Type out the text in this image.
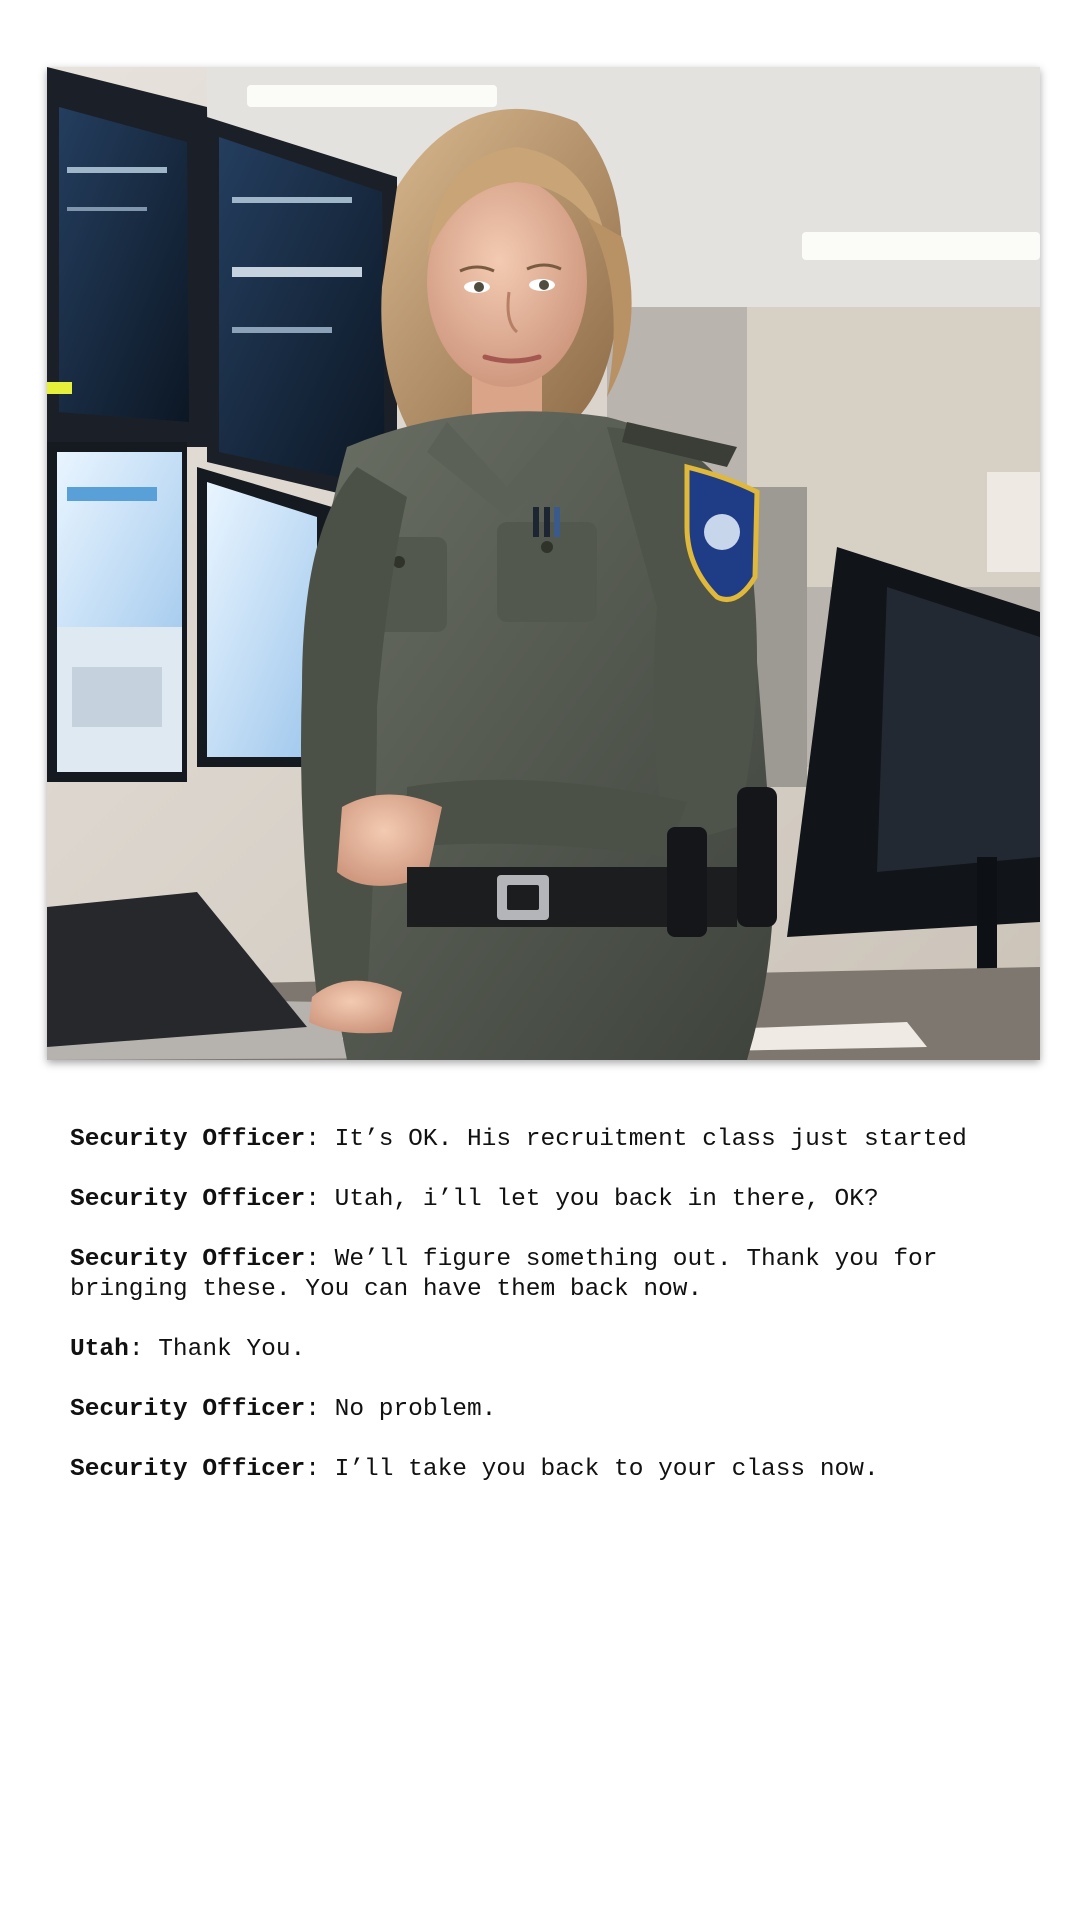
Security Officer: It’s OK. His recruitment class just started
Security Officer: Utah, i’ll let you back in there, OK?
Security Officer: We’ll figure something out. Thank you for bringing these. You can have them back now.
Utah: Thank You.
Security Officer: No problem.
Security Officer: I’ll take you back to your class now.
